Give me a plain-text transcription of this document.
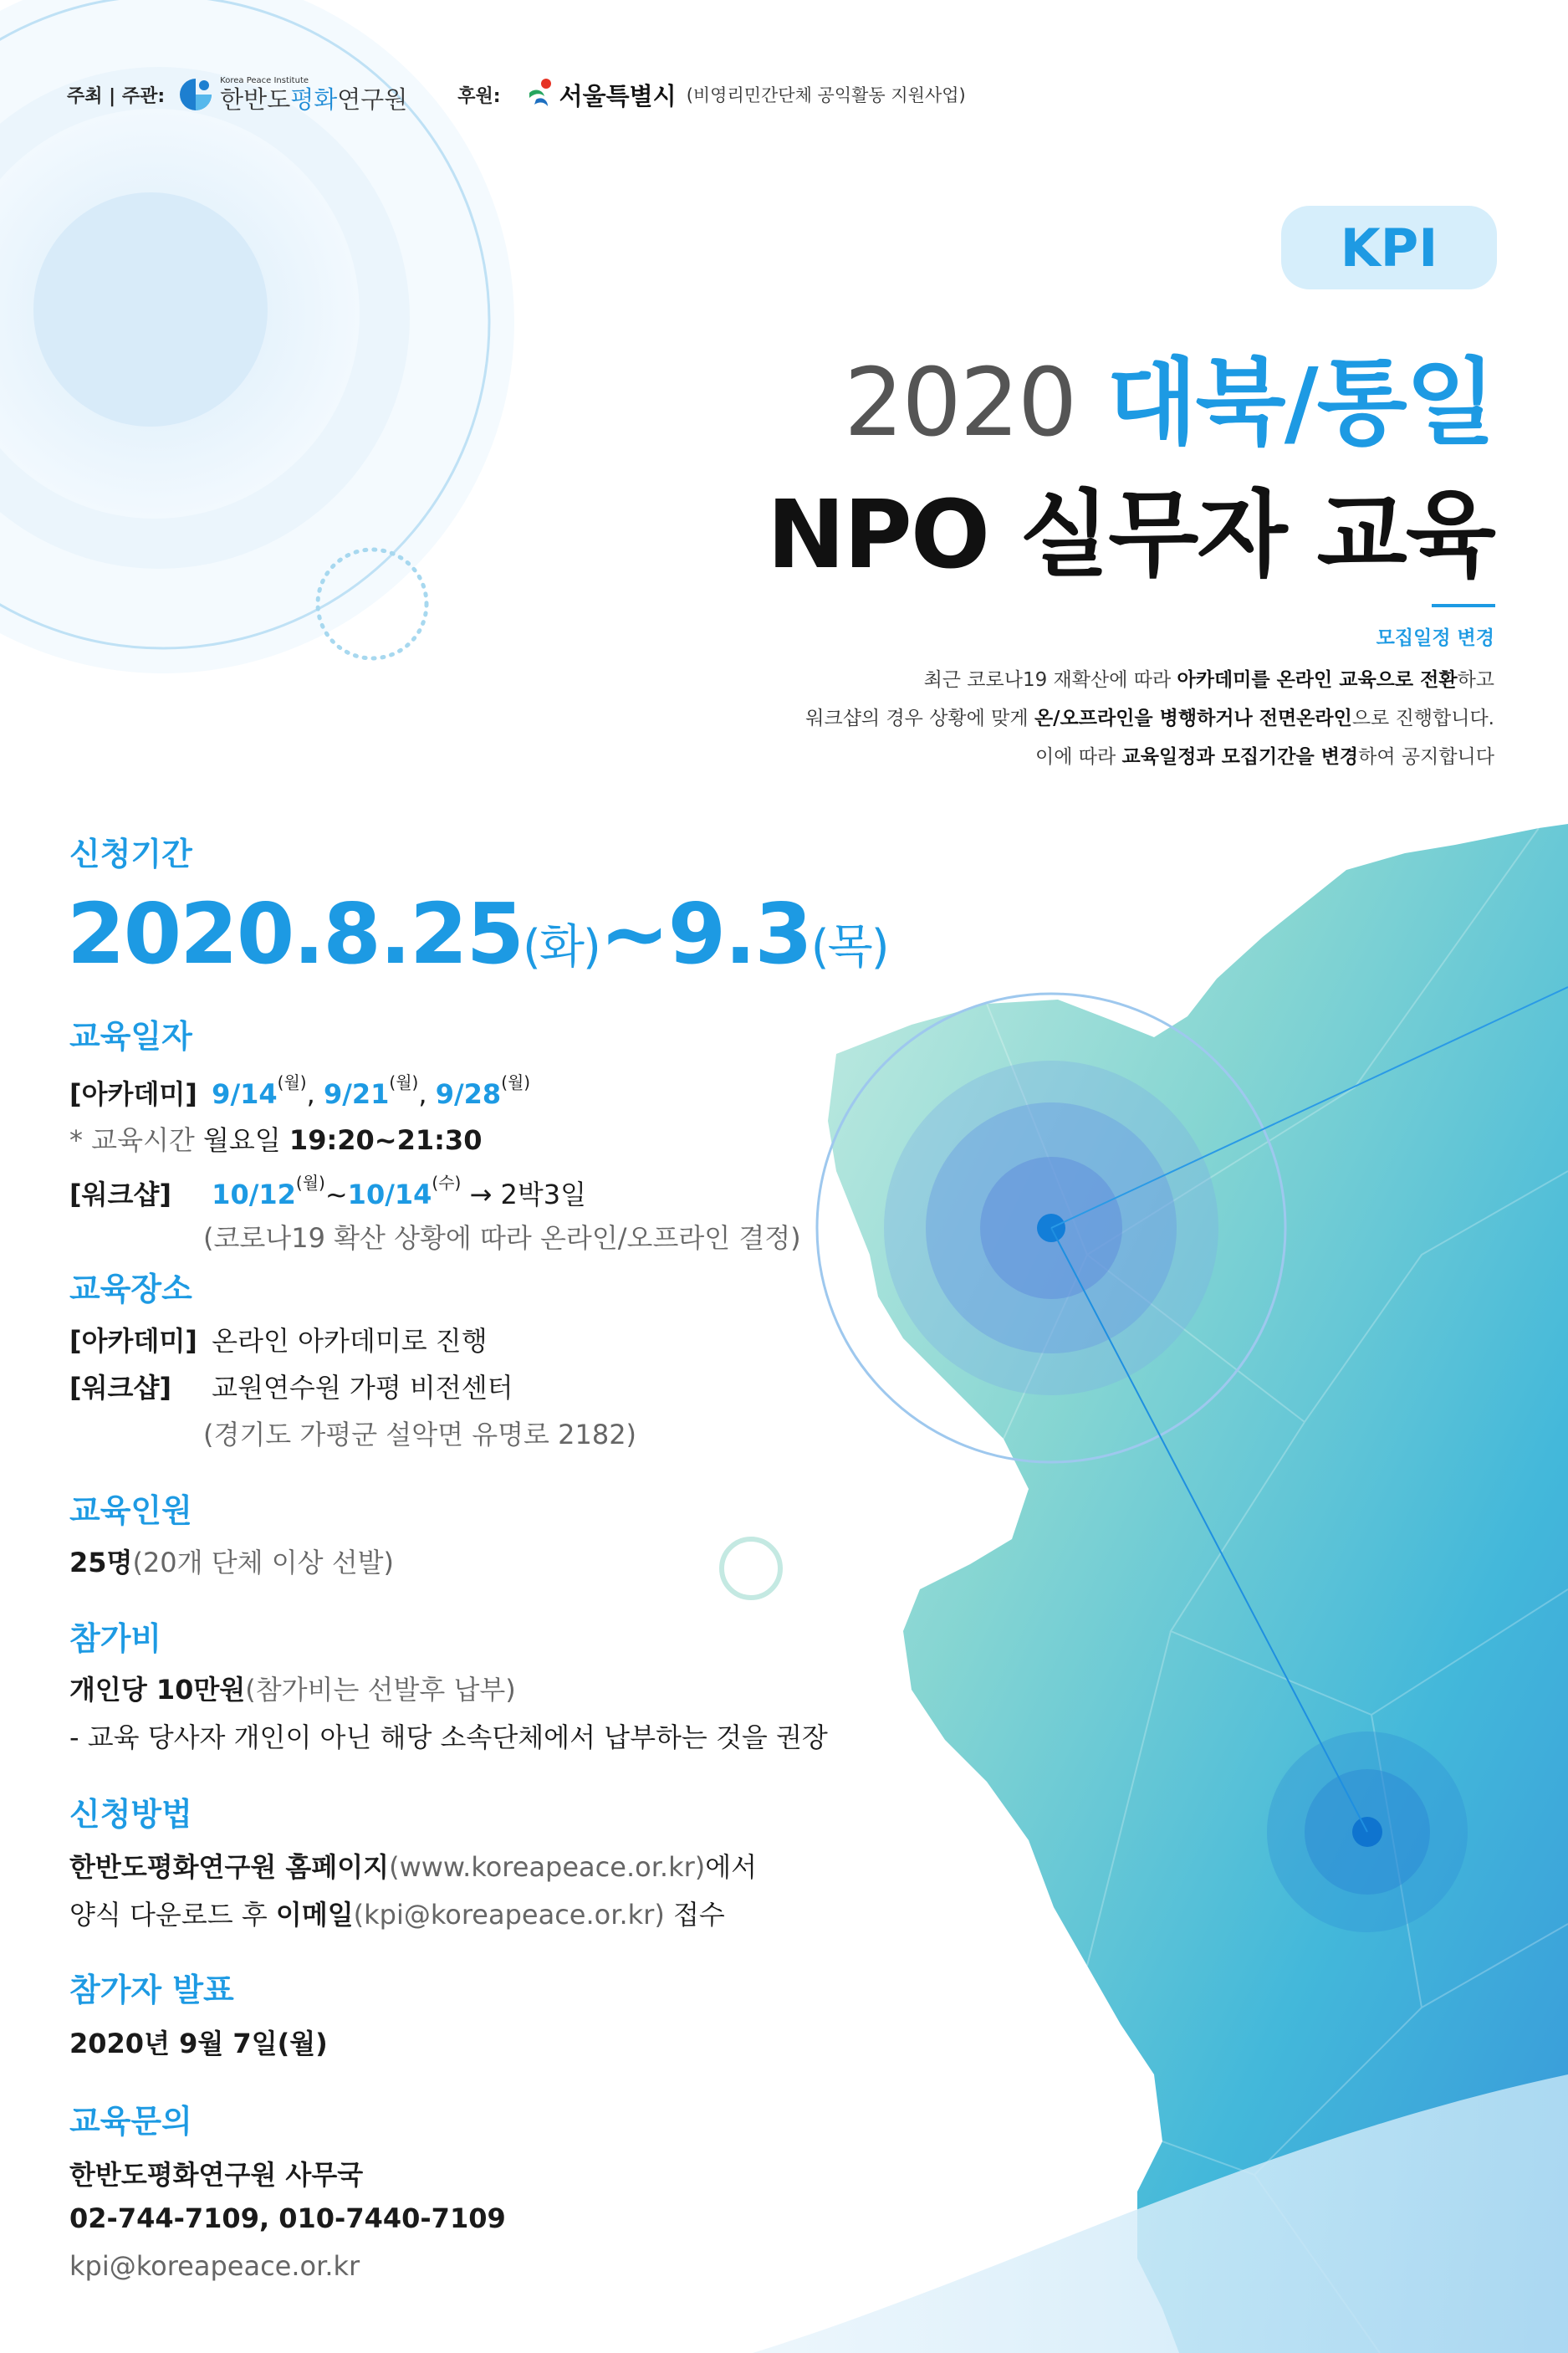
주최 | 주관:
Korea Peace Institute
한반도평화연구원	후원: 서울특별시 (비영리민간단체 공익활동 지원사업)
KPI
2020 대북/통일
NPO 실무자 교육
모집일정 변경
최근 코로나19 재확산에 따라 아카데미를 온라인 교육으로 전환하고
워크샵의 경우 상황에 맞게 온/오프라인을 병행하거나 전면온라인으로 진행합니다.
이에 따라 교육일정과 모집기간을 변경하여 공지합니다
신청기간
2020.8.25(화)~9.3(목)
교육일자
[아카데미] $9/14^{(월)}$, $9/21^{(월)}$, $9/28^{(월)}$
* 교육시간 월요일 19:20~21:30
[워크샵] $10/12^{(월)}\sim 10/14^{(수)} \to 2$박3일
(코로나19 확산 상황에 따라 온라인/오프라인 결정)
교육장소
[아카데미] 온라인 아카데미로 진행
[워크샵] 교원연수원 가평 비전센터
(경기도 가평군 설악면 유명로 2182)
교육인원
25명(20개 단체 이상 선발)
참가비
개인당 10만원(참가비는 선발후 납부)
- 교육 당사자 개인이 아닌 해당 소속단체에서 납부하는 것을 권장
신청방법
한반도평화연구원 홈페이지(www.koreapeace.or.kr)에서
양식 다운로드 후 이메일(kpi@koreapeace.or.kr) 접수
참가자 발표
2020년 9월 7일(월)
교육문의
한반도평화연구원 사무국
02-744-7109, 010-7440-7109
kpi@koreapeace.or.kr
